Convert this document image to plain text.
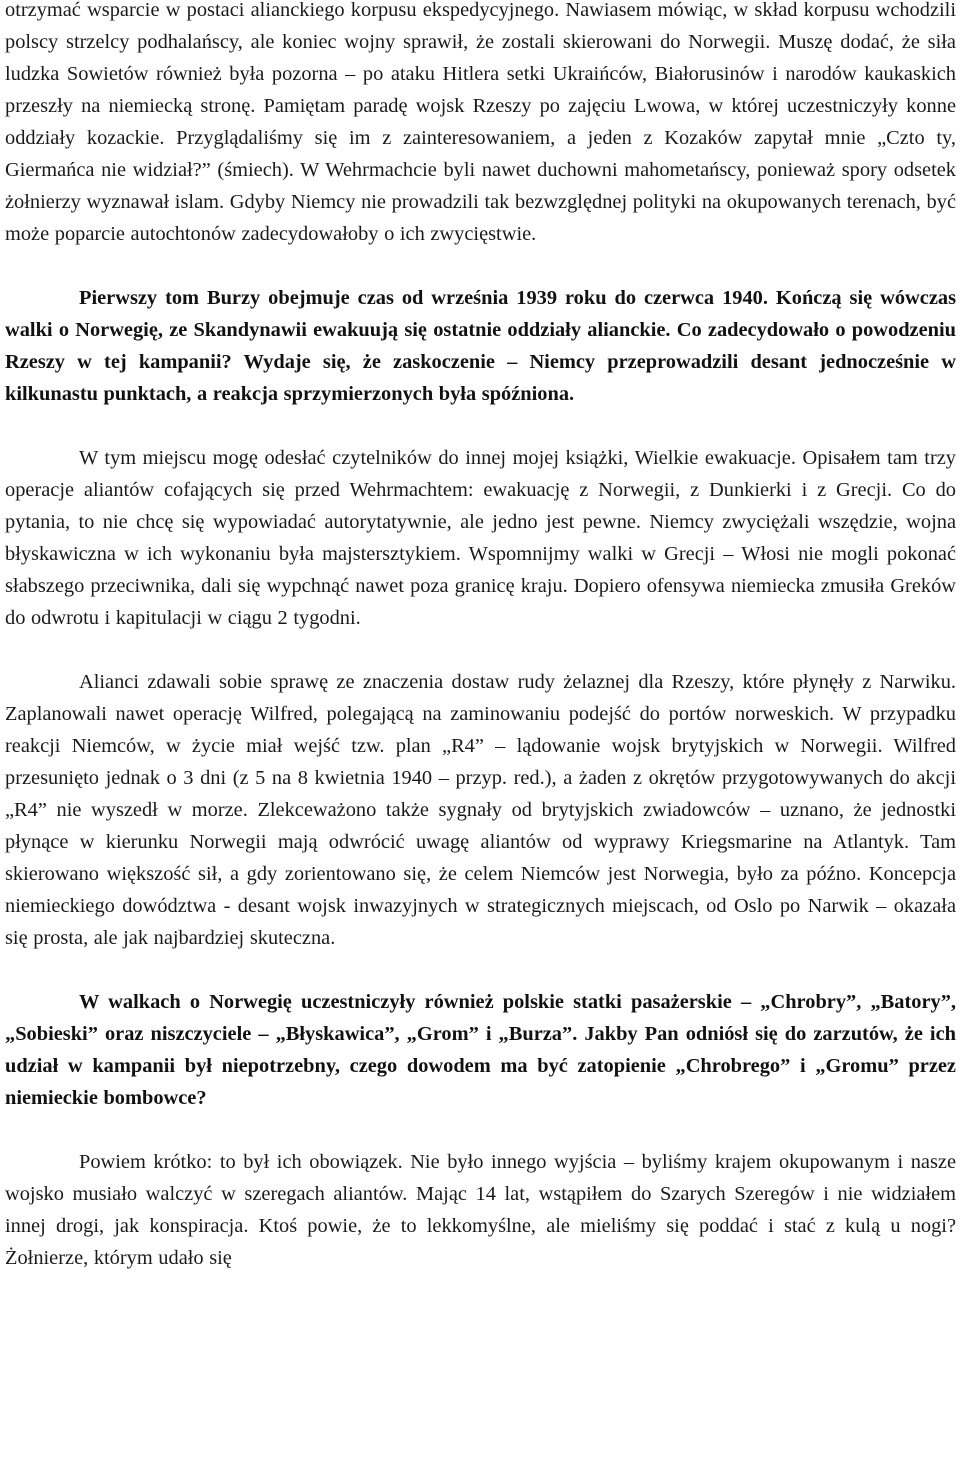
otrzymać wsparcie w postaci alianckiego korpusu ekspedycyjnego. Nawiasem mówiąc, w skład korpusu wchodzili polscy strzelcy podhalańscy, ale koniec wojny sprawił, że zostali skierowani do Norwegii. Muszę dodać, że siła ludzka Sowietów również była pozorna – po ataku Hitlera setki Ukraińców, Białorusinów i narodów kaukaskich przeszły na niemiecką stronę. Pamiętam paradę wojsk Rzeszy po zajęciu Lwowa, w której uczestniczyły konne oddziały kozackie. Przyglądaliśmy się im z zainteresowaniem, a jeden z Kozaków zapytał mnie „Czto ty, Giermańca nie widział?” (śmiech). W Wehrmachcie byli nawet duchowni mahometańscy, ponieważ spory odsetek żołnierzy wyznawał islam. Gdyby Niemcy nie prowadzili tak bezwzględnej polityki na okupowanych terenach, być może poparcie autochtonów zadecydowałoby o ich zwycięstwie.

Pierwszy tom Burzy obejmuje czas od września 1939 roku do czerwca 1940. Kończą się wówczas walki o Norwegię, ze Skandynawii ewakuują się ostatnie oddziały alianckie. Co zadecydowało o powodzeniu Rzeszy w tej kampanii? Wydaje się, że zaskoczenie – Niemcy przeprowadzili desant jednocześnie w kilkunastu punktach, a reakcja sprzymierzonych była spóźniona.

W tym miejscu mogę odesłać czytelników do innej mojej książki, Wielkie ewakuacje. Opisałem tam trzy operacje aliantów cofających się przed Wehrmachtem: ewakuację z Norwegii, z Dunkierki i z Grecji. Co do pytania, to nie chcę się wypowiadać autorytatywnie, ale jedno jest pewne. Niemcy zwyciężali wszędzie, wojna błyskawiczna w ich wykonaniu była majstersztykiem. Wspomnijmy walki w Grecji – Włosi nie mogli pokonać słabszego przeciwnika, dali się wypchnąć nawet poza granicę kraju. Dopiero ofensywa niemiecka zmusiła Greków do odwrotu i kapitulacji w ciągu 2 tygodni.

Alianci zdawali sobie sprawę ze znaczenia dostaw rudy żelaznej dla Rzeszy, które płynęły z Narwiku. Zaplanowali nawet operację Wilfred, polegającą na zaminowaniu podejść do portów norweskich. W przypadku reakcji Niemców, w życie miał wejść tzw. plan „R4” – lądowanie wojsk brytyjskich w Norwegii. Wilfred przesunięto jednak o 3 dni (z 5 na 8 kwietnia 1940 – przyp. red.), a żaden z okrętów przygotowywanych do akcji „R4” nie wyszedł w morze. Zlekceważono także sygnały od brytyjskich zwiadowców – uznano, że jednostki płynące w kierunku Norwegii mają odwrócić uwagę aliantów od wyprawy Kriegsmarine na Atlantyk. Tam skierowano większość sił, a gdy zorientowano się, że celem Niemców jest Norwegia, było za późno. Koncepcja niemieckiego dowództwa - desant wojsk inwazyjnych w strategicznych miejscach, od Oslo po Narwik – okazała się prosta, ale jak najbardziej skuteczna.

W walkach o Norwegię uczestniczyły również polskie statki pasażerskie – „Chrobry”, „Batory”, „Sobieski” oraz niszczyciele – „Błyskawica”, „Grom” i „Burza”. Jakby Pan odniósł się do zarzutów, że ich udział w kampanii był niepotrzebny, czego dowodem ma być zatopienie „Chrobrego” i „Gromu” przez niemieckie bombowce?

Powiem krótko: to był ich obowiązek. Nie było innego wyjścia – byliśmy krajem okupowanym i nasze wojsko musiało walczyć w szeregach aliantów. Mając 14 lat, wstąpiłem do Szarych Szeregów i nie widziałem innej drogi, jak konspiracja. Ktoś powie, że to lekkomyślne, ale mieliśmy się poddać i stać z kulą u nogi? Żołnierze, którym udało się
